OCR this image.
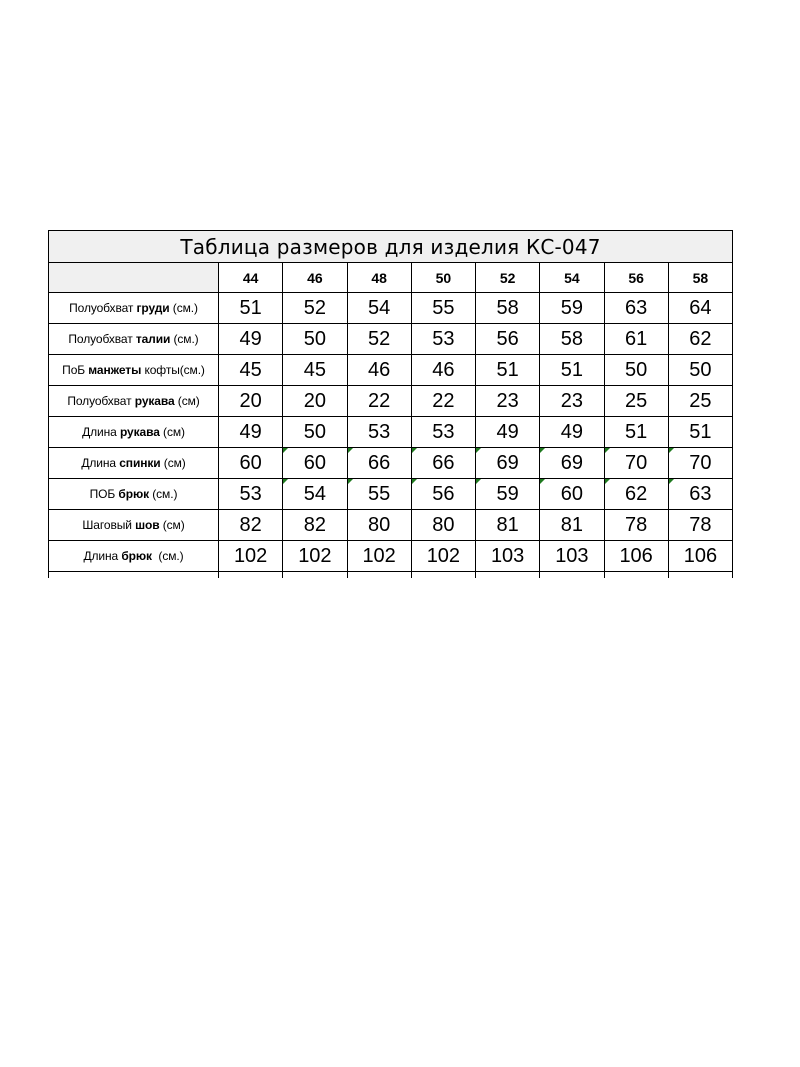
Таблица размеров для изделия КС-047								
	44	46	48	50	52	54	56	58
Полуобхват груди (см.)	51	52	54	55	58	59	63	64
Полуобхват талии (см.)	49	50	52	53	56	58	61	62
ПоБ манжеты кофты(см.)	45	45	46	46	51	51	50	50
Полуобхват рукава (см)	20	20	22	22	23	23	25	25
Длина рукава (см)	49	50	53	53	49	49	51	51
Длина спинки (см)	60	60	66	66	69	69	70	70
ПОБ брюк (см.)	53	54	55	56	59	60	62	63
Шаговый шов (см)	82	82	80	80	81	81	78	78
Длина брюк  (см.)	102	102	102	102	103	103	106	106
